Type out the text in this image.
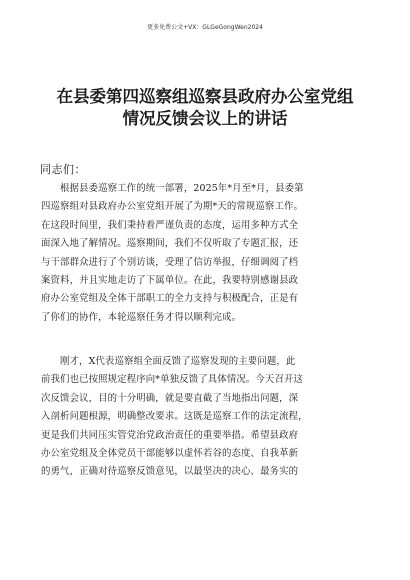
更多免费公文+VX：GLGeGongWen2024
在县委第四巡察组巡察县政府办公室党组
情况反馈会议上的讲话
同志们：
根据县委巡察工作的统一部署，2025年*月至*月，县委第
四巡察组对县政府办公室党组开展了为期*天的常规巡察工作。
在这段时间里，我们秉持着严谨负责的态度，运用多种方式全
面深入地了解情况。巡察期间，我们不仅听取了专题汇报，还
与干部群众进行了个别访谈，受理了信访举报，仔细调阅了档
案资料，并且实地走访了下属单位。在此，我要特别感谢县政
府办公室党组及全体干部职工的全力支持与积极配合，正是有
了你们的协作，本轮巡察任务才得以顺利完成。
刚才，X代表巡察组全面反馈了巡察发现的主要问题，此
前我们也已按照规定程序向*单独反馈了具体情况。今天召开这
次反馈会议，目的十分明确，就是要直截了当地指出问题，深
入剖析问题根源，明确整改要求。这既是巡察工作的法定流程，
更是我们共同压实管党治党政治责任的重要举措。希望县政府
办公室党组及全体党员干部能够以虚怀若谷的态度、自我革新
的勇气，正确对待巡察反馈意见，以最坚决的决心、最务实的
